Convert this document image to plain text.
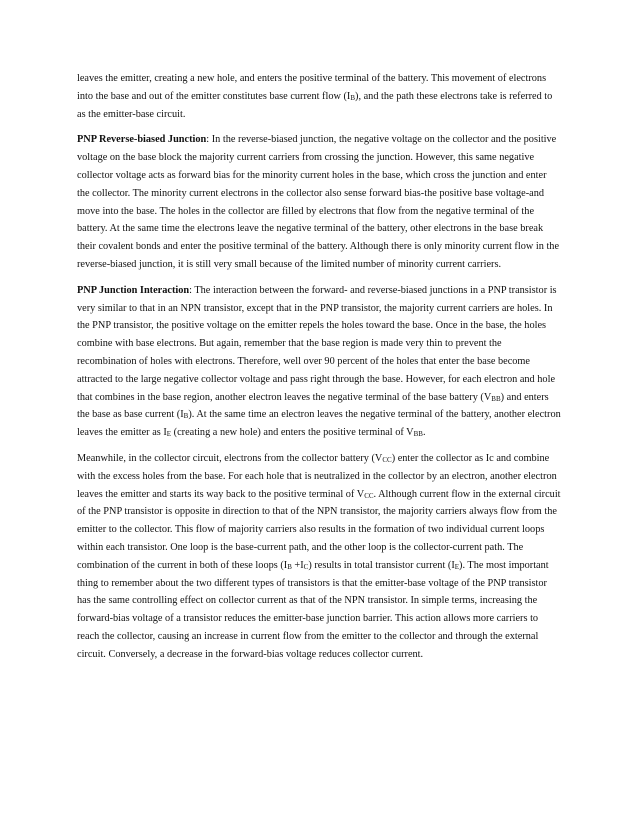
leaves the emitter, creating a new hole, and enters the positive terminal of the battery. This movement of electrons into the base and out of the emitter constitutes base current flow $(I_B)$, and the path these electrons take is referred to as the emitter-base circuit.

PNP Reverse-biased Junction: In the reverse-biased junction, the negative voltage on the collector and the positive voltage on the base block the majority current carriers from crossing the junction. However, this same negative collector voltage acts as forward bias for the minority current holes in the base, which cross the junction and enter the collector. The minority current electrons in the collector also sense forward bias-the positive base voltage-and move into the base. The holes in the collector are filled by electrons that flow from the negative terminal of the battery. At the same time the electrons leave the negative terminal of the battery, other electrons in the base break their covalent bonds and enter the positive terminal of the battery. Although there is only minority current flow in the reverse-biased junction, it is still very small because of the limited number of minority current carriers.

PNP Junction Interaction: The interaction between the forward- and reverse-biased junctions in a PNP transistor is very similar to that in an NPN transistor, except that in the PNP transistor, the majority current carriers are holes. In the PNP transistor, the positive voltage on the emitter repels the holes toward the base. Once in the base, the holes combine with base electrons. But again, remember that the base region is made very thin to prevent the recombination of holes with electrons. Therefore, well over 90 percent of the holes that enter the base become attracted to the large negative collector voltage and pass right through the base. However, for each electron and hole that combines in the base region, another electron leaves the negative terminal of the base battery $(V_{BB})$ and enters the base as base current $(I_B)$. At the same time an electron leaves the negative terminal of the battery, another electron leaves the emitter as $I_E$ (creating a new hole) and enters the positive terminal of $V_{BB}$.

Meanwhile, in the collector circuit, electrons from the collector battery $(V_{CC})$ enter the collector as Ic and combine with the excess holes from the base. For each hole that is neutralized in the collector by an electron, another electron leaves the emitter and starts its way back to the positive terminal of $V_{CC}$. Although current flow in the external circuit of the PNP transistor is opposite in direction to that of the NPN transistor, the majority carriers always flow from the emitter to the collector. This flow of majority carriers also results in the formation of two individual current loops within each transistor. One loop is the base-current path, and the other loop is the collector-current path. The combination of the current in both of these loops $(I_B +I_C)$ results in total transistor current $(I_E)$. The most important thing to remember about the two different types of transistors is that the emitter-base voltage of the PNP transistor has the same controlling effect on collector current as that of the NPN transistor. In simple terms, increasing the forward-bias voltage of a transistor reduces the emitter-base junction barrier. This action allows more carriers to reach the collector, causing an increase in current flow from the emitter to the collector and through the external circuit. Conversely, a decrease in the forward-bias voltage reduces collector current.
